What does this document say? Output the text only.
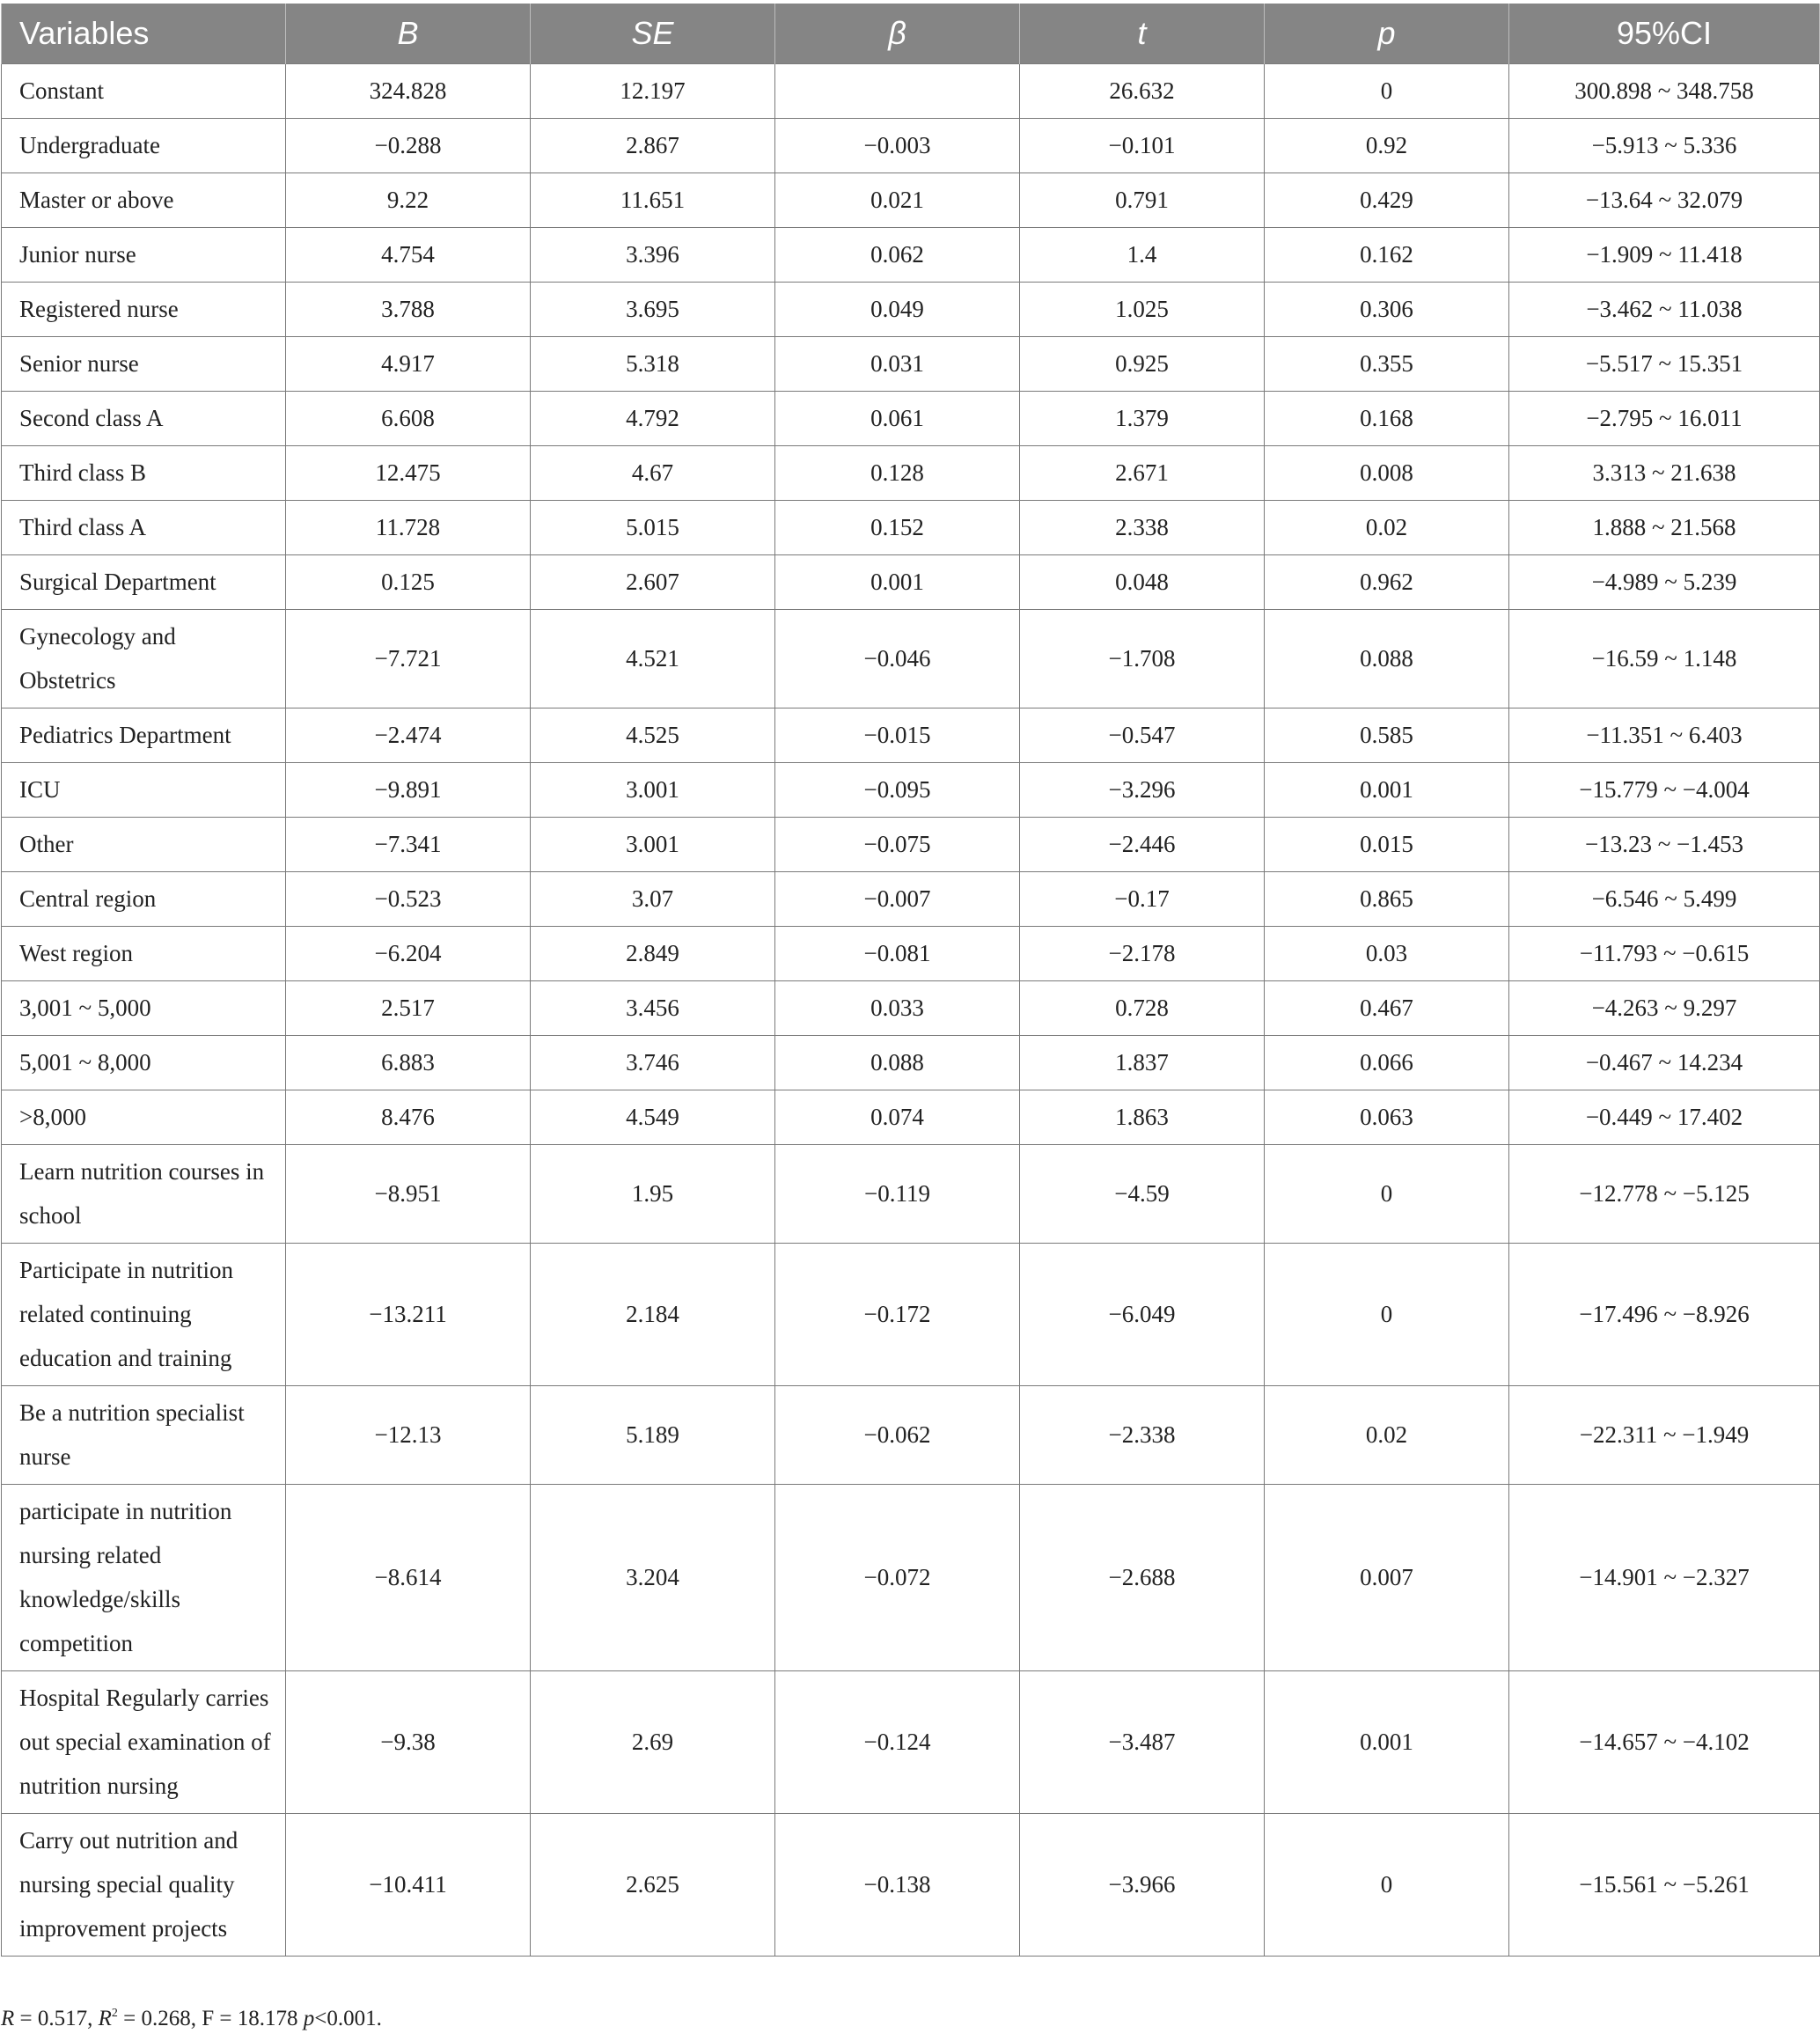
Variables	B	SE	β	t	p	95%CI
Constant	324.828	12.197		26.632	0	300.898 ~ 348.758
Undergraduate	−0.288	2.867	−0.003	−0.101	0.92	−5.913 ~ 5.336
Master or above	9.22	11.651	0.021	0.791	0.429	−13.64 ~ 32.079
Junior nurse	4.754	3.396	0.062	1.4	0.162	−1.909 ~ 11.418
Registered nurse	3.788	3.695	0.049	1.025	0.306	−3.462 ~ 11.038
Senior nurse	4.917	5.318	0.031	0.925	0.355	−5.517 ~ 15.351
Second class A	6.608	4.792	0.061	1.379	0.168	−2.795 ~ 16.011
Third class B	12.475	4.67	0.128	2.671	0.008	3.313 ~ 21.638
Third class A	11.728	5.015	0.152	2.338	0.02	1.888 ~ 21.568
Surgical Department	0.125	2.607	0.001	0.048	0.962	−4.989 ~ 5.239
Gynecology and Obstetrics	−7.721	4.521	−0.046	−1.708	0.088	−16.59 ~ 1.148
Pediatrics Department	−2.474	4.525	−0.015	−0.547	0.585	−11.351 ~ 6.403
ICU	−9.891	3.001	−0.095	−3.296	0.001	−15.779 ~ −4.004
Other	−7.341	3.001	−0.075	−2.446	0.015	−13.23 ~ −1.453
Central region	−0.523	3.07	−0.007	−0.17	0.865	−6.546 ~ 5.499
West region	−6.204	2.849	−0.081	−2.178	0.03	−11.793 ~ −0.615
3,001 ~ 5,000	2.517	3.456	0.033	0.728	0.467	−4.263 ~ 9.297
5,001 ~ 8,000	6.883	3.746	0.088	1.837	0.066	−0.467 ~ 14.234
>8,000	8.476	4.549	0.074	1.863	0.063	−0.449 ~ 17.402
Learn nutrition courses in school	−8.951	1.95	−0.119	−4.59	0	−12.778 ~ −5.125
Participate in nutrition related continuing education and training	−13.211	2.184	−0.172	−6.049	0	−17.496 ~ −8.926
Be a nutrition specialist nurse	−12.13	5.189	−0.062	−2.338	0.02	−22.311 ~ −1.949
participate in nutrition nursing related knowledge/skills competition	−8.614	3.204	−0.072	−2.688	0.007	−14.901 ~ −2.327
Hospital Regularly carries out special examination of nutrition nursing	−9.38	2.69	−0.124	−3.487	0.001	−14.657 ~ −4.102
Carry out nutrition and nursing special quality improvement projects	−10.411	2.625	−0.138	−3.966	0	−15.561 ~ −5.261
R = 0.517, $R^2 = 0.268$, F = 18.178 p<0.001.
